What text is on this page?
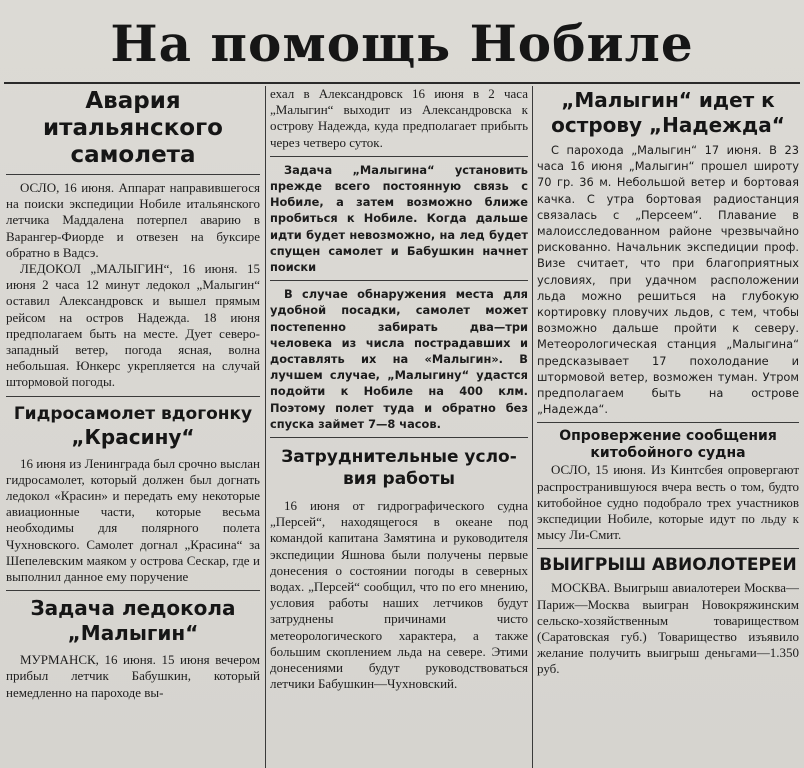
На помощь Нобиле
Авария
итальянского
самолета

ОСЛО, 16 июня. Аппарат направившегося на поиски экспедиции Нобиле итальянского летчика Маддалена потерпел аварию в Варангер-Фиорде и отвезен на буксире обратно в Вадсэ.

ЛЕДОКОЛ „МАЛЫГИН“, 16 июня. 15 июня 2 часа 12 минут ледокол „Малыгин“ оставил Александровск и вышел прямым рейсом на остров Надежда. 18 июня предполагаем быть на месте. Дует северо-западный ветер, погода ясная, волна небольшая. Юнкерс укрепляется на случай штормовой погоды.

Гидросамолет вдогонку
„Красину“

16 июня из Ленинграда был срочно выслан гидросамолет, который должен был догнать ледокол «Красин» и передать ему некоторые авиационные части, которые весьма необходимы для полярного полета Чухновского. Самолет догнал „Красина“ за Шепелевским маяком у острова Сескар, где и выполнил данное ему поручение

Задача ледокола
„Малыгин“

МУРМАНСК, 16 июня. 15 июня вечером прибыл летчик Бабушкин, который немедленно на пароходе вы-

ехал в Александровск 16 июня в 2 часа „Малыгин“ выходит из Александровска к острову Надежда, куда предполагает прибыть через четверо суток.

Задача „Малыгина“ установить прежде всего постоянную связь с Нобиле, а затем возможно ближе пробиться к Нобиле. Когда дальше идти будет невозможно, на лед будет спущен самолет и Бабушкин начнет поиски

В случае обнаружения места для удобной посадки, самолет может постепенно забирать два—три человека из числа пострадавших и доставлять их на «Малыгин». В лучшем случае, „Малыгину“ удастся подойти к Нобиле на 400 клм. Поэтому полет туда и обратно без спуска займет 7—8 часов.

Затруднительные усло-
вия работы

16 июня от гидрографического судна „Персей“, находящегося в океане под командой капитана Замятина и руководителя экспедиции Яшнова были получены первые донесения о состоянии погоды в северных водах. „Персей“ сообщил, что по его мнению, условия работы наших летчиков будут затруднены причинами чисто метеорологического характера, а также большим скоплением льда на севере. Этими донесениями будут руководствоваться летчики Бабушкин—Чухновский.

„Малыгин“ идет к
острову „Надежда“

С парохода „Малыгин“ 17 июня. В 23 часа 16 июня „Малыгин“ прошел широту 70 гр. 36 м. Небольшой ветер и бортовая качка. С утра бортовая радиостанция связалась с „Персеем“. Плавание в малоисследованном районе чрезвычайно рискованно. Начальник экспедиции проф. Визе считает, что при благоприятных условиях, при удачном расположении льда можно решиться на глубокую кортировку пловучих льдов, с тем, чтобы возможно дальше пройти к северу. Метеорологическая станция „Малыгина“ предсказывает 17 похолодание и штормовой ветер, возможен туман. Утром предполагаем быть на острове „Надежда“.

Опровержение сообщения
китобойного судна

ОСЛО, 15 июня. Из Кинтсбея опровергают распространившуюся вчера весть о том, будто китобойное судно подобрало трех участников экспедиции Нобиле, которые идут по льду к мысу Ли-Смит.

ВЫИГРЫШ АВИОЛОТЕРЕИ

МОСКВА. Выигрыш авиалотереи Москва—Париж—Москва выигран Новокряжинским сельско-хозяйственным товариществом (Саратовская губ.) Товарищество изъявило желание получить выигрыш деньгами—1.350 руб.
